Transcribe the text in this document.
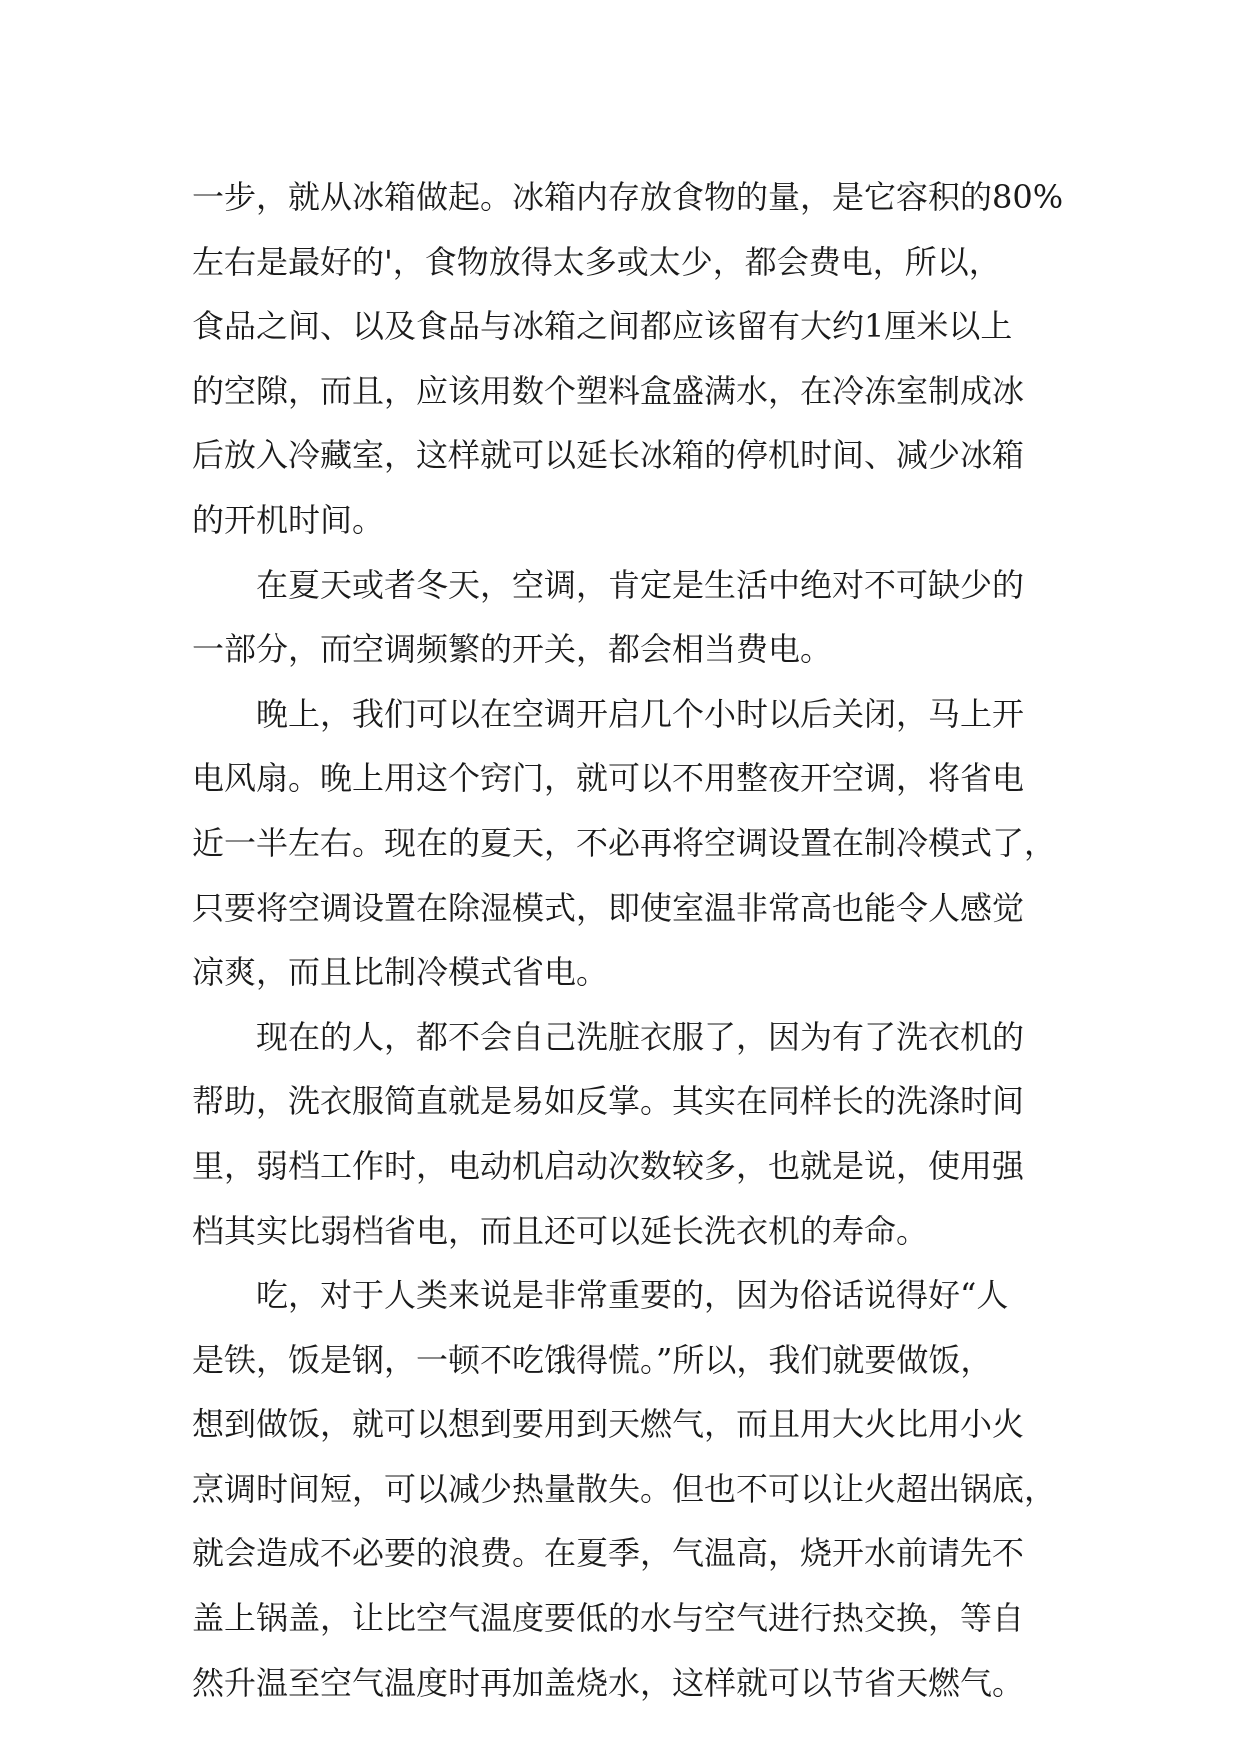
一步，就从冰箱做起。冰箱内存放食物的量，是它容积的80%
左右是最好的'，食物放得太多或太少，都会费电，所以，
食品之间、以及食品与冰箱之间都应该留有大约1厘米以上
的空隙，而且，应该用数个塑料盒盛满水，在冷冻室制成冰
后放入冷藏室，这样就可以延长冰箱的停机时间、减少冰箱
的开机时间。

在夏天或者冬天，空调，肯定是生活中绝对不可缺少的
一部分，而空调频繁的开关，都会相当费电。

晚上，我们可以在空调开启几个小时以后关闭，马上开
电风扇。晚上用这个窍门，就可以不用整夜开空调，将省电
近一半左右。现在的夏天，不必再将空调设置在制冷模式了，
只要将空调设置在除湿模式，即使室温非常高也能令人感觉
凉爽，而且比制冷模式省电。

现在的人，都不会自己洗脏衣服了，因为有了洗衣机的
帮助，洗衣服简直就是易如反掌。其实在同样长的洗涤时间
里，弱档工作时，电动机启动次数较多，也就是说，使用强
档其实比弱档省电，而且还可以延长洗衣机的寿命。

吃，对于人类来说是非常重要的，因为俗话说得好“人
是铁，饭是钢，一顿不吃饿得慌。”所以，我们就要做饭，
想到做饭，就可以想到要用到天燃气，而且用大火比用小火
烹调时间短，可以减少热量散失。但也不可以让火超出锅底，
就会造成不必要的浪费。在夏季，气温高，烧开水前请先不
盖上锅盖，让比空气温度要低的水与空气进行热交换，等自
然升温至空气温度时再加盖烧水，这样就可以节省天燃气。
